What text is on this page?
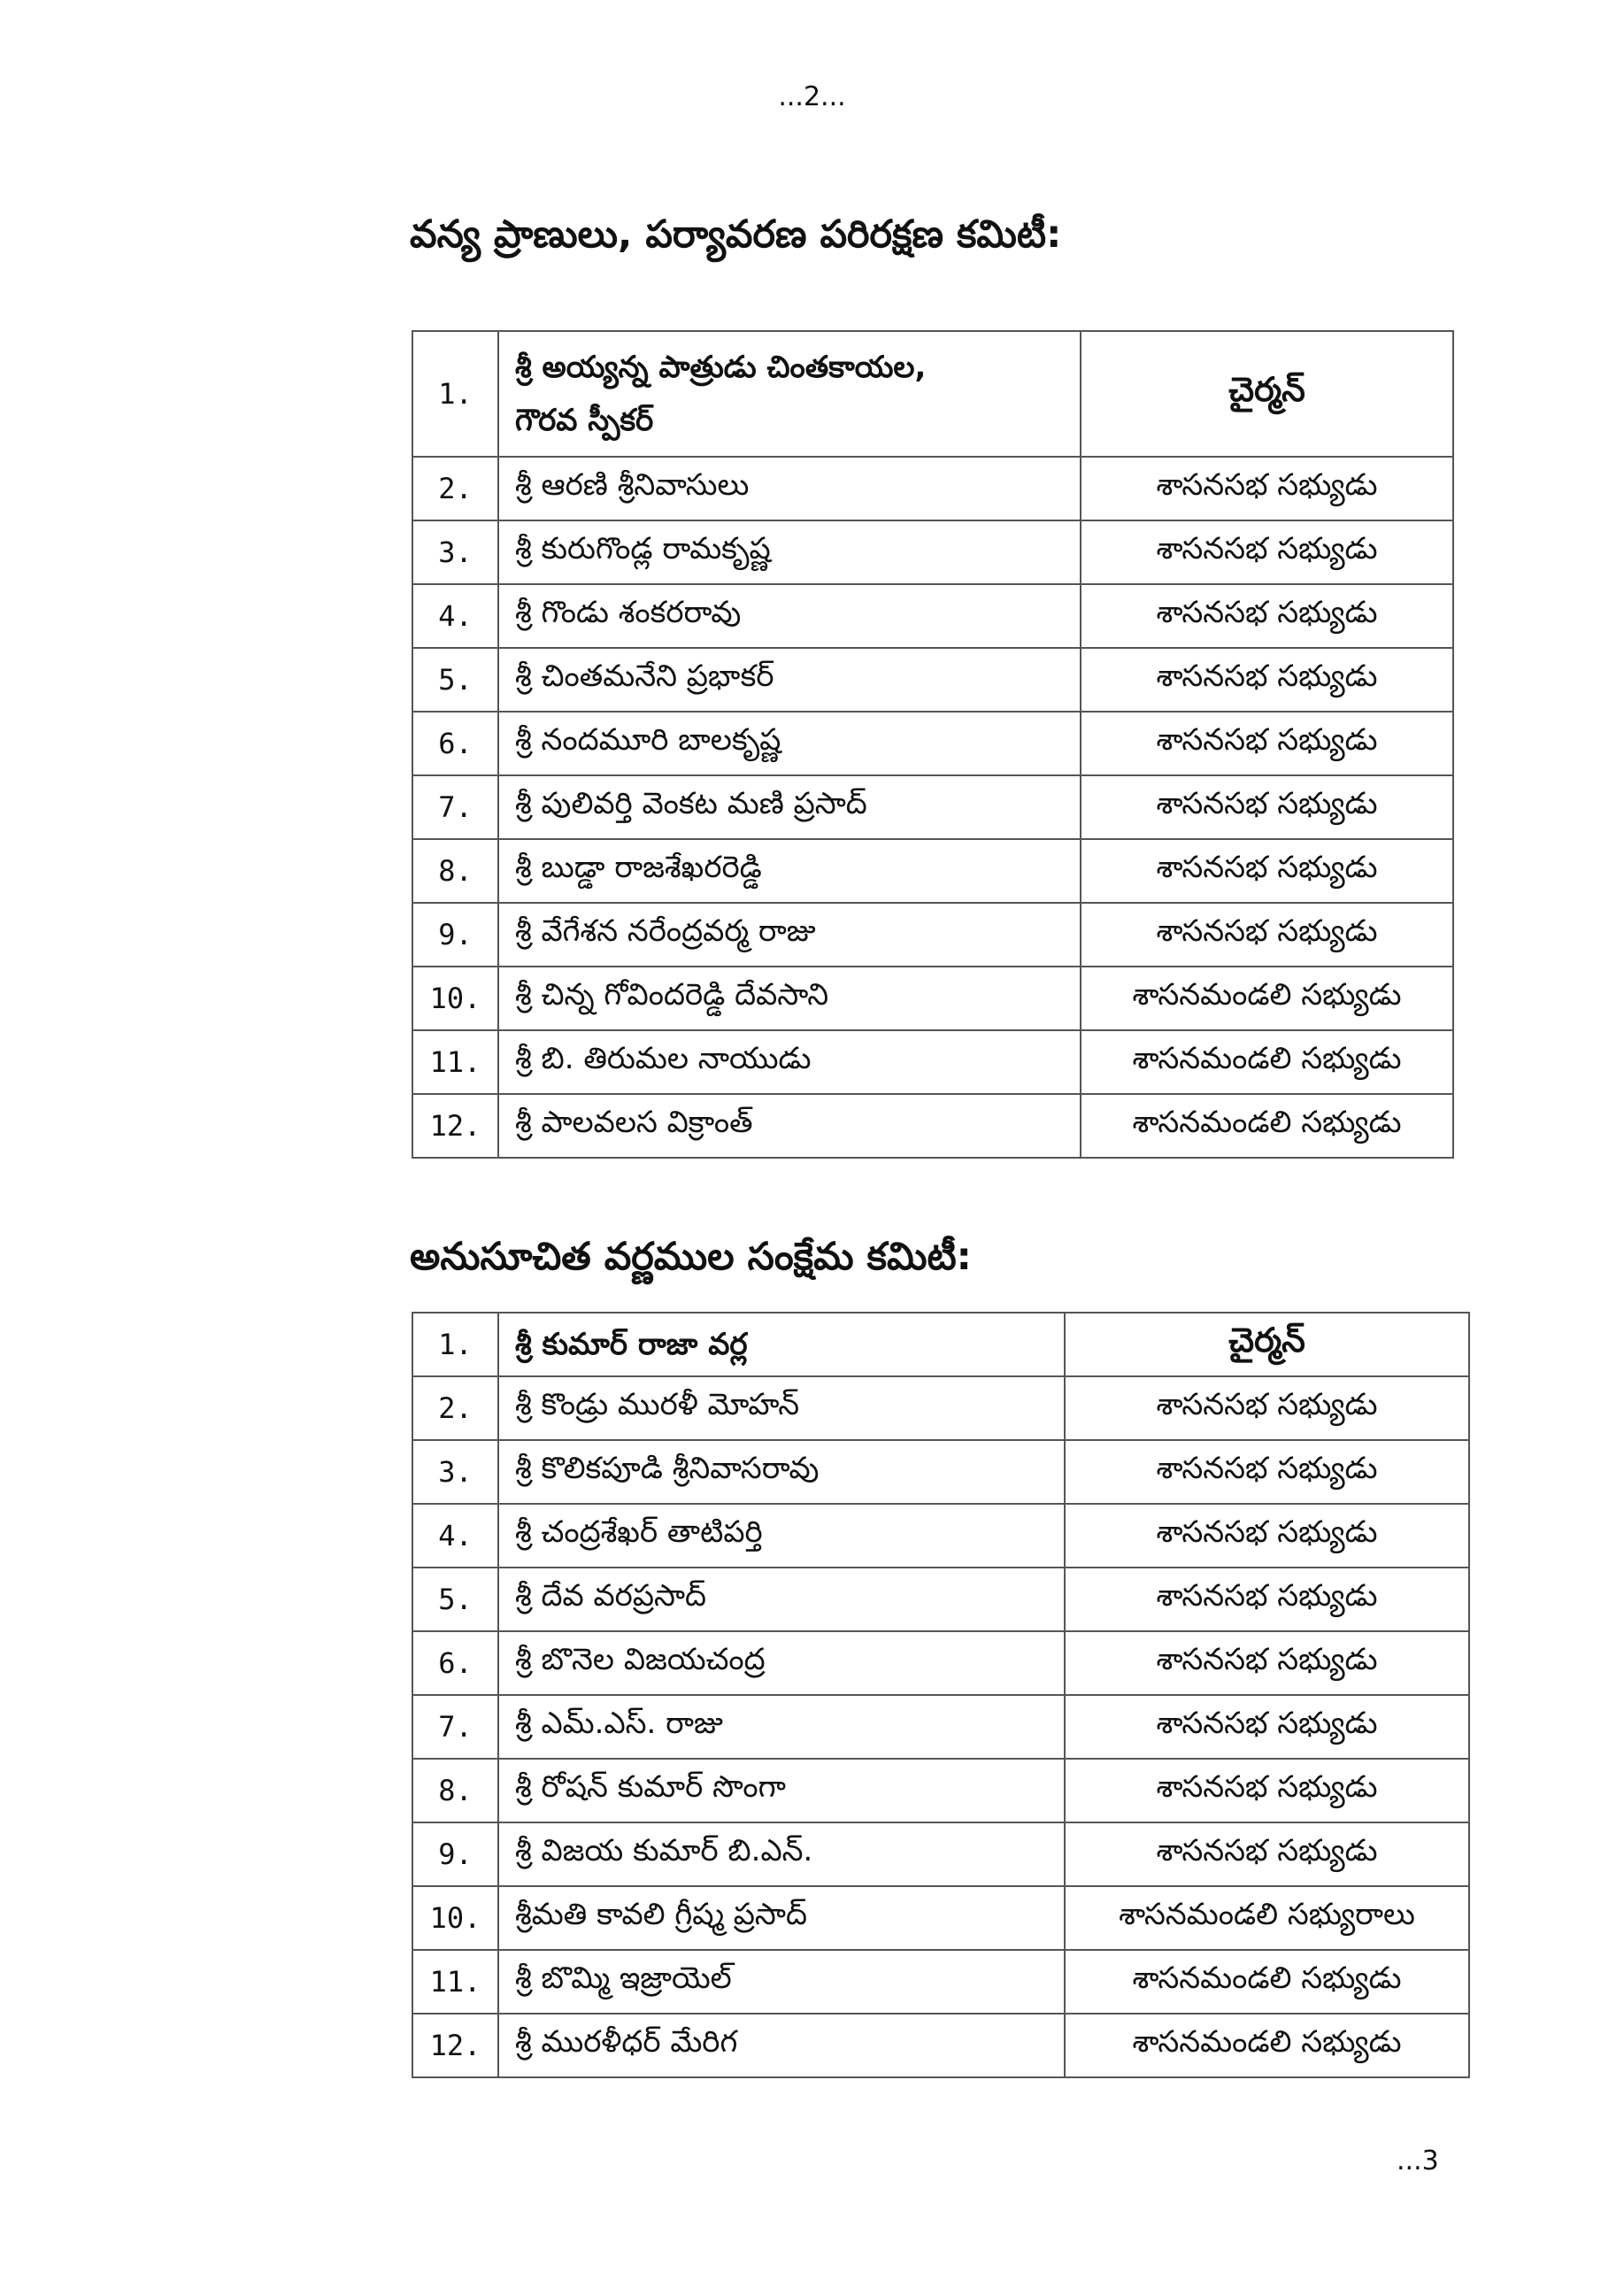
...2...
వన్య ప్రాణులు, పర్యావరణ పరిరక్షణ కమిటీ:
1.	శ్రీ అయ్యన్న పాత్రుడు చింతకాయల,
గౌరవ స్పీకర్	చైర్మన్
2.	శ్రీ ఆరణి శ్రీనివాసులు	శాసనసభ సభ్యుడు
3.	శ్రీ కురుగొండ్ల రామకృష్ణ	శాసనసభ సభ్యుడు
4.	శ్రీ గొండు శంకరరావు	శాసనసభ సభ్యుడు
5.	శ్రీ చింతమనేని ప్రభాకర్	శాసనసభ సభ్యుడు
6.	శ్రీ నందమూరి బాలకృష్ణ	శాసనసభ సభ్యుడు
7.	శ్రీ పులివర్తి వెంకట మణి ప్రసాద్	శాసనసభ సభ్యుడు
8.	శ్రీ బుడ్డా రాజశేఖరరెడ్డి	శాసనసభ సభ్యుడు
9.	శ్రీ వేగేశన నరేంద్రవర్మ రాజు	శాసనసభ సభ్యుడు
10.	శ్రీ చిన్న గోవిందరెడ్డి దేవసాని	శాసనమండలి సభ్యుడు
11.	శ్రీ బి. తిరుమల నాయుడు	శాసనమండలి సభ్యుడు
12.	శ్రీ పాలవలస విక్రాంత్	శాసనమండలి సభ్యుడు
అనుసూచిత వర్ణముల సంక్షేమ కమిటీ:
1.	శ్రీ కుమార్ రాజా వర్ల	చైర్మన్
2.	శ్రీ కొండ్రు మురళీ మోహన్	శాసనసభ సభ్యుడు
3.	శ్రీ కొలికపూడి శ్రీనివాసరావు	శాసనసభ సభ్యుడు
4.	శ్రీ చంద్రశేఖర్ తాటిపర్తి	శాసనసభ సభ్యుడు
5.	శ్రీ దేవ వరప్రసాద్	శాసనసభ సభ్యుడు
6.	శ్రీ బొనెల విజయచంద్ర	శాసనసభ సభ్యుడు
7.	శ్రీ ఎమ్.ఎస్. రాజు	శాసనసభ సభ్యుడు
8.	శ్రీ రోషన్ కుమార్ సొంగా	శాసనసభ సభ్యుడు
9.	శ్రీ విజయ కుమార్ బి.ఎన్.	శాసనసభ సభ్యుడు
10.	శ్రీమతి కావలి గ్రీష్మ ప్రసాద్	శాసనమండలి సభ్యురాలు
11.	శ్రీ బొమ్మి ఇజ్రాయెల్	శాసనమండలి సభ్యుడు
12.	శ్రీ మురళీధర్ మేరిగ	శాసనమండలి సభ్యుడు
...3
